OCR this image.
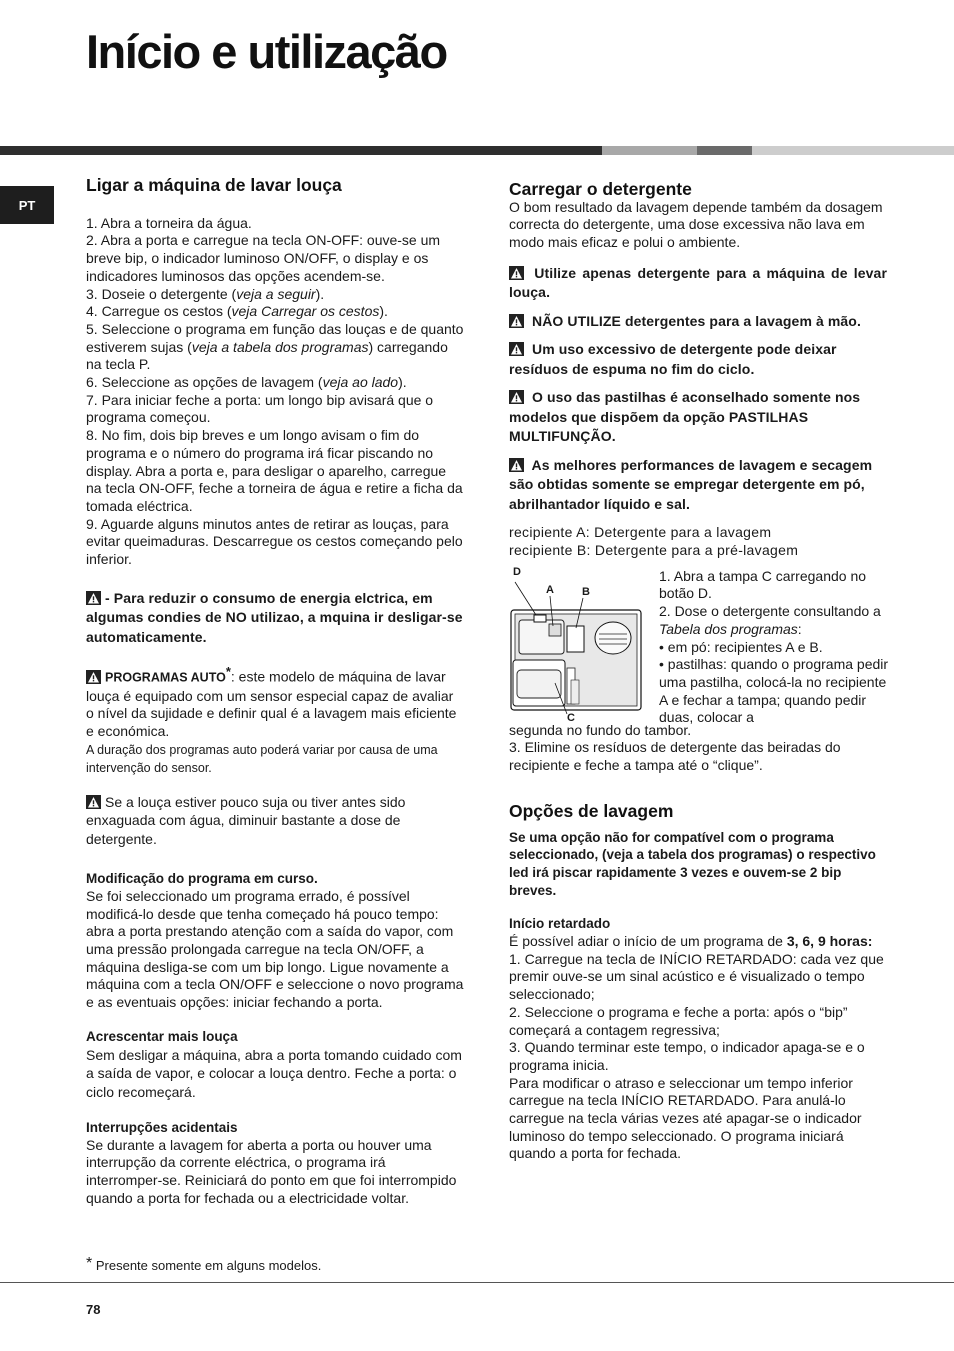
Início e utilização
PT
Ligar a máquina de lavar louça

1. Abra a torneira da água.

2. Abra a porta e carregue na tecla ON-OFF: ouve-se um breve bip, o indicador luminoso ON/OFF, o display e os indicadores luminosos das opções acendem-se.

3. Doseie o detergente (veja a seguir).

4. Carregue os cestos (veja Carregar os cestos).

5. Seleccione o programa em função das louças e de quanto estiverem sujas (veja a tabela dos programas) carregando na tecla P.

6. Seleccione as opções de lavagem (veja ao lado).

7. Para iniciar feche a porta: um longo bip avisará que o programa começou.

8. No fim, dois bip breves e um longo avisam o fim do programa e o número do programa irá ficar piscando no display. Abra a porta e, para desligar o aparelho, carregue na tecla ON-OFF, feche a torneira de água e retire a ficha da tomada eléctrica.

9. Aguarde alguns minutos antes de retirar as louças, para evitar queimaduras. Descarregue os cestos começando pelo inferior.

- Para reduzir o consumo de energia elctrica, em algumas condies de NO utilizao, a mquina ir desligar-se automaticamente.

PROGRAMAS AUTO*: este modelo de máquina de lavar louça é equipado com um sensor especial capaz de avaliar o nível da sujidade e definir qual é a lavagem mais eficiente e económica.

A duração dos programas auto poderá variar por causa de uma intervenção do sensor.

Se a louça estiver pouco suja ou tiver antes sido enxaguada com água, diminuir bastante a dose de detergente.

Modificação do programa em curso.

Se foi seleccionado um programa errado, é possível modificá-lo desde que tenha começado há pouco tempo: abra a porta prestando atenção com a saída do vapor, com uma pressão prolongada carregue na tecla ON/OFF, a máquina desliga-se com um bip longo. Ligue novamente a máquina com a tecla ON/OFF e seleccione o novo programa e as eventuais opções: iniciar fechando a porta.

Acrescentar mais louça

Sem desligar a máquina, abra a porta tomando cuidado com a saída de vapor, e colocar a louça dentro. Feche a porta: o ciclo recomeçará.

Interrupções acidentais

Se durante a lavagem for aberta a porta ou houver uma interrupção da corrente eléctrica, o programa irá interromper-se. Reiniciará do ponto em que foi interrompido quando a porta for fechada ou a electricidade voltar.

Carregar o detergente

O bom resultado da lavagem depende também da dosagem correcta do detergente, uma dose excessiva não lava em modo mais eficaz e polui o ambiente.

Utilize apenas detergente para a máquina de levar louça.

NÃO UTILIZE detergentes para a lavagem à mão.

Um uso excessivo de detergente pode deixar resíduos de espuma no fim do ciclo.

O uso das pastilhas é aconselhado somente nos modelos que dispõem da opção PASTILHAS MULTIFUNÇÃO.

As melhores performances de lavagem e secagem são obtidas somente se empregar detergente em pó, abrilhantador líquido e sal.

recipiente A: Detergente para a lavagem

recipiente B: Detergente para a pré-lavagem

D
A	B
C

1. Abra a tampa C carregando no botão D.

2. Dose o detergente consultando a Tabela dos programas:

• em pó: recipientes A e B.

• pastilhas: quando o programa pedir uma pastilha, colocá-la no recipiente A e fechar a tampa; quando pedir duas, colocar a

segunda no fundo do tambor.

3. Elimine os resíduos de detergente das beiradas do recipiente e feche a tampa até o “clique”.

Opções de lavagem

Se uma opção não for compatível com o programa seleccionado, (veja a tabela dos programas) o respectivo led irá piscar rapidamente 3 vezes e ouvem-se 2 bip breves.

Início retardado

É possível adiar o início de um programa de 3, 6, 9 horas:

1. Carregue na tecla de INÍCIO RETARDADO: cada vez que premir ouve-se um sinal acústico e é visualizado o tempo seleccionado;
2. Seleccione o programa e feche a porta: após o “bip” começará a contagem regressiva;
3. Quando terminar este tempo, o indicador apaga-se e o programa inicia.
Para modificar o atraso e seleccionar um tempo inferior carregue na tecla INÍCIO RETARDADO. Para anulá-lo carregue na tecla várias vezes até apagar-se o indicador luminoso do tempo seleccionado. O programa iniciará quando a porta for fechada.

* Presente somente em alguns modelos.
78
